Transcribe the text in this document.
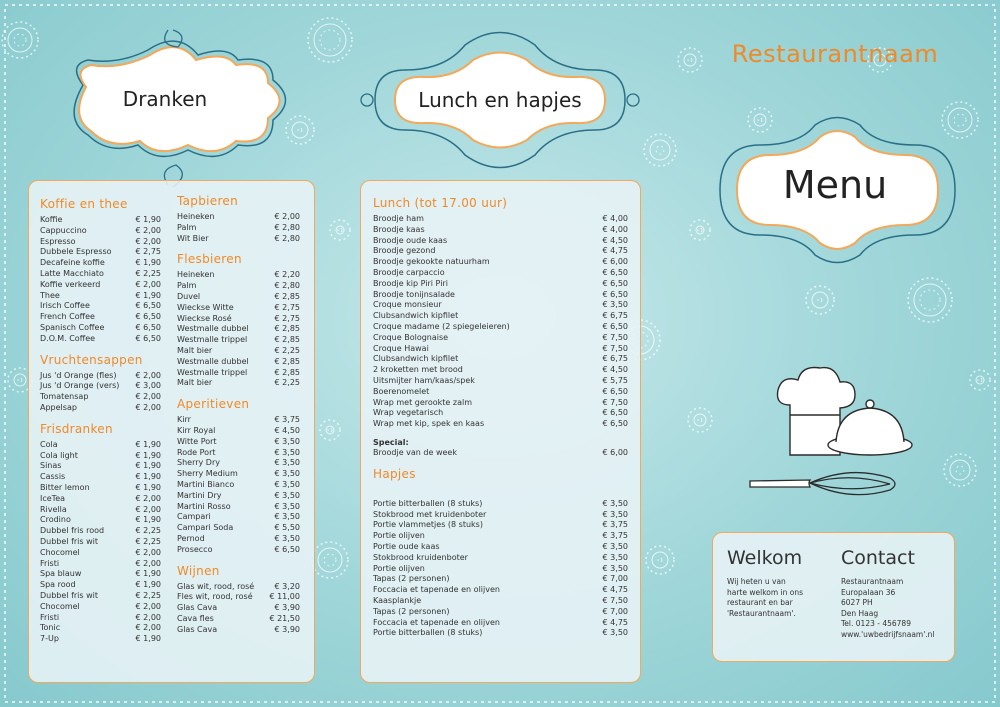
Dranken	Lunch en hapjes
Restaurantnaam
Menu
Koffie en thee
Koffie	€ 1,90
Cappuccino	€ 2,00
Espresso	€ 2,00
Dubbele Espresso	€ 2,75
Decafeine koffie	€ 1,90
Latte Macchiato	€ 2,25
Koffie verkeerd	€ 2,00
Thee	€ 1,90
Irisch Coffee	€ 6,50
French Coffee	€ 6,50
Spanisch Coffee	€ 6,50
D.O.M. Coffee	€ 6,50
Vruchtensappen
Jus 'd Orange (fles) € 2,00
Jus 'd Orange (vers) € 3,00
Tomatensap	€ 2,00
Appelsap	€ 2,00
Frisdranken
Cola	€ 1,90
Cola light	€ 1,90
Sinas	€ 1,90
Cassis	€ 1,90
Bitter lemon	€ 1,90
IceTea	€ 2,00
Rivella	€ 2,00
Crodino	€ 1,90
Dubbel fris rood	€ 2,25
Dubbel fris wit	€ 2,25
Chocomel	€ 2,00
Fristi	€ 2,00
Spa blauw	€ 1,90
Spa rood	€ 1,90
Dubbel fris wit	€ 2,25
Chocomel	€ 2,00
Fristi	€ 2,00
Tonic	€ 2,00
7-Up	€ 1,90
Tapbieren
Heineken	€ 2,00
Palm	€ 2,80
Wit Bier	€ 2,80
Flesbieren
Heineken	€ 2,20
Palm	€ 2,80
Duvel	€ 2,85
Wieckse Witte	€ 2,75
Wieckse Rosé	€ 2,75
Westmalle dubbel	€ 2,85
Westmalle trippel	€ 2,85
Malt bier	€ 2,25
Westmalle dubbel	€ 2,85
Westmalle trippel	€ 2,85
Malt bier	€ 2,25
Aperitieven
Kirr	€ 3,75
Kirr Royal	€ 4,50
Witte Port	€ 3,50
Rode Port	€ 3,50
Sherry Dry	€ 3,50
Sherry Medium	€ 3,50
Martini Bianco	€ 3,50
Martini Dry	€ 3,50
Martini Rosso	€ 3,50
Campari	€ 3,50
Campari Soda	€ 5,50
Pernod	€ 3,50
Prosecco	€ 6,50
Wijnen
Glas wit, rood, rosé	€ 3,20
Fles wit, rood, rosé € 11,00
Glas Cava	€ 3,90
Cava fles	€ 21,50
Glas Cava	€ 3,90
Lunch (tot 17.00 uur)
Broodje ham	€ 4,00
Broodje kaas	€ 4,00
Broodje oude kaas	€ 4,50
Broodje gezond	€ 4,75
Broodje gekookte natuurham	€ 6,00
Broodje carpaccio	€ 6,50
Broodje kip Piri Piri	€ 6,50
Broodje tonijnsalade	€ 6,50
Croque monsieur	€ 3,50
Clubsandwich kipfilet	€ 6,75
Croque madame (2 spiegeleieren)	€ 6,50
Croque Bolognaise	€ 7,50
Croque Hawai	€ 7,50
Clubsandwich kipfilet	€ 6,75
2 kroketten met brood	€ 4,50
Uitsmijter ham/kaas/spek	€ 5,75
Boerenomelet	€ 6,50
Wrap met gerookte zalm	€ 7,50
Wrap vegetarisch	€ 6,50
Wrap met kip, spek en kaas	€ 6,50
Special:
Broodje van de week	€ 6,00
Hapjes
Portie bitterballen (8 stuks)	€ 3,50
Stokbrood met kruidenboter	€ 3,50
Portie vlammetjes (8 stuks)	€ 3,75
Portie olijven	€ 3,75
Portie oude kaas	€ 3,50
Stokbrood kruidenboter	€ 3,50
Portie olijven	€ 3,50
Tapas (2 personen)	€ 7,00
Foccacia et tapenade en olijven	€ 4,75
Kaasplankje	€ 7,50
Tapas (2 personen)	€ 7,00
Foccacia et tapenade en olijven	€ 4,75
Portie bitterballen (8 stuks)	€ 3,50
Welkom
Wij heten u van
harte welkom in ons
restaurant en bar
'Restaurantnaam'.
Contact
Restaurantnaam
Europalaan 36
6027 PH
Den Haag
Tel. 0123 - 456789
www.'uwbedrijfsnaam'.nl
